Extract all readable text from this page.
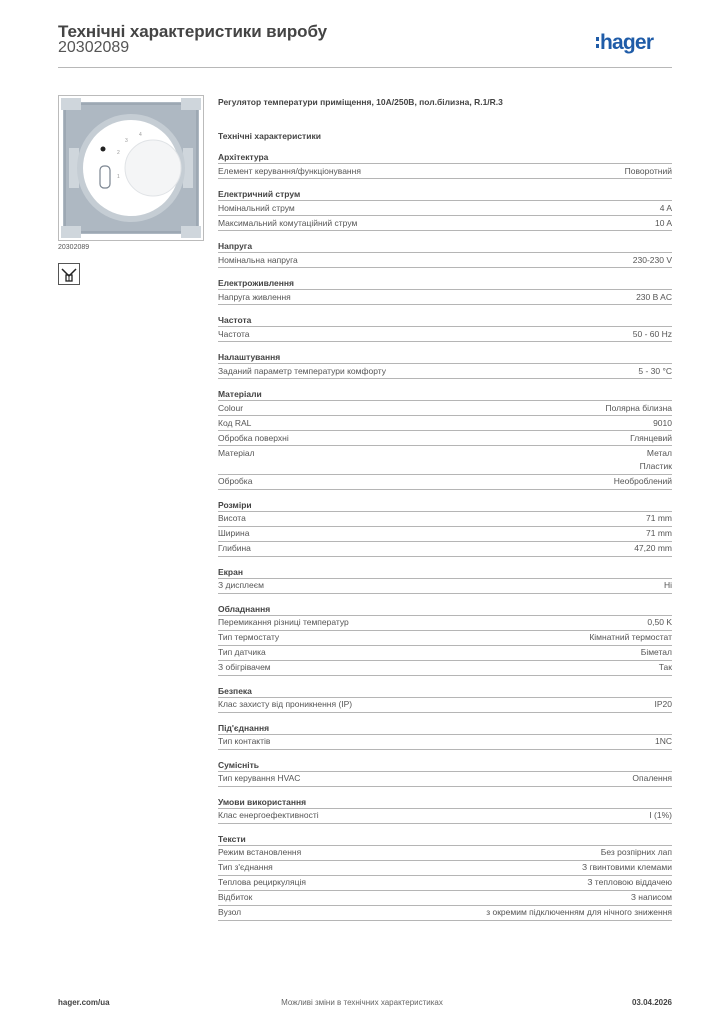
Технічні характеристики виробу
20302089	hager
2
3
4
1
20302089
Регулятор температури приміщення, 10A/250В, пол.білизна, R.1/R.3
Технічні характеристики
Архітектура
Елемент керування/функціонування	Поворотний
Електричний струм
Номінальний струм	4 A
Максимальний комутаційний струм	10 A
Напруга
Номінальна напруга	230-230 V
Електроживлення
Напруга живлення	230 B AC
Частота
Частота	50 - 60 Hz
Налаштування
Заданий параметр температури комфорту	5 - 30 °C
Матеріали
Colour	Полярна білизна
Код RAL	9010
Обробка поверхні	Глянцевий
Матеріал	Метал
Пластик
Обробка	Необроблений
Розміри
Висота	71 mm
Ширина	71 mm
Глибина	47,20 mm
Екран
З дисплеєм	Ні
Обладнання
Перемикання різниці температур	0,50 K
Тип термостату	Кімнатний термостат
Тип датчика	Біметал
З обігрівачем	Так
Безпека
Клас захисту від проникнення (IP)	IP20
Під'єднання
Тип контактів	1NC
Сумісніть
Тип керування HVAC	Опалення
Умови використання
Клас енергоефективності	I (1%)
Тексти
Режим встановлення	Без розпірних лап
Тип з'єднання	З гвинтовими клемами
Теплова рециркуляція	З тепловою віддачею
Відбиток	З написом
Вузол	з окремим підключенням для нічного зниження
hager.com/ua	Можливі зміни в технічних характеристиках	03.04.2026
